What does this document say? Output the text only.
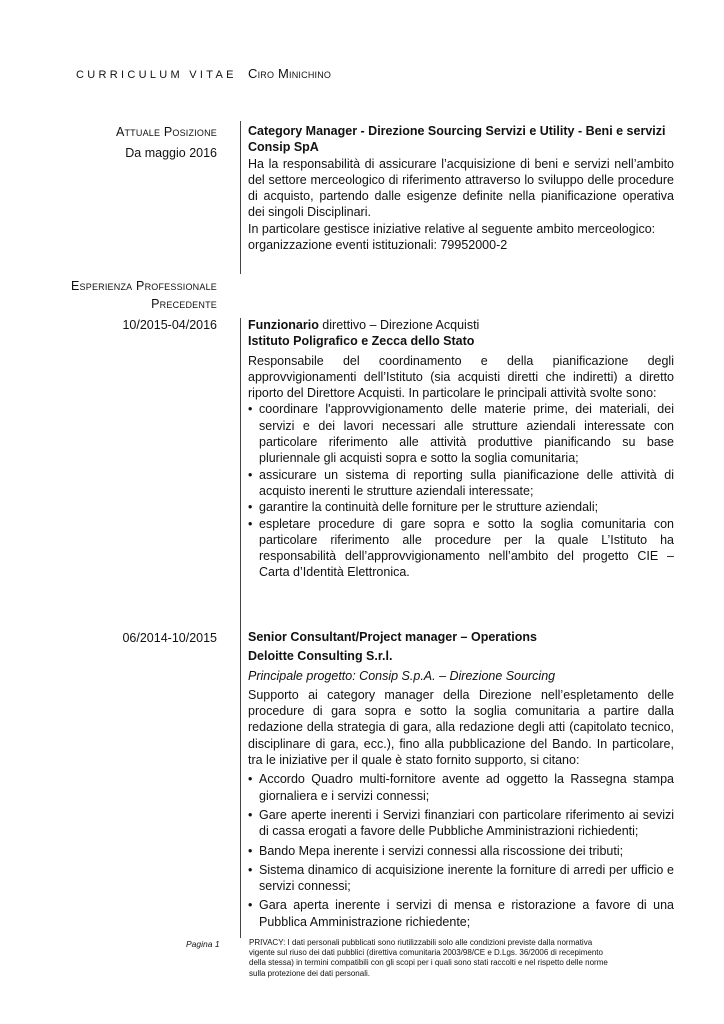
CURRICULUM VITAE Ciro Minichino
Attuale Posizione
Da maggio 2016

Category Manager - Direzione Sourcing Servizi e Utility - Beni e servizi

Consip SpA

Ha la responsabilità di assicurare l’acquisizione di beni e servizi nell’ambito del settore merceologico di riferimento attraverso lo sviluppo delle procedure di acquisto, partendo dalle esigenze definite nella pianificazione operativa dei singoli Disciplinari.

In particolare gestisce iniziative relative al seguente ambito merceologico: organizzazione eventi istituzionali: 79952000-2

Esperienza Professionale
Precedente
10/2015-04/2016 Funzionario direttivo – Direzione Acquisti

Istituto Poligrafico e Zecca dello Stato

Responsabile del coordinamento e della pianificazione degli approvvigionamenti dell’Istituto (sia acquisti diretti che indiretti) a diretto riporto del Direttore Acquisti. In particolare le principali attività svolte sono:

• coordinare l'approvvigionamento delle materie prime, dei materiali, dei servizi e dei lavori necessari alle strutture aziendali interessate con particolare riferimento alle attività produttive pianificando su base pluriennale gli acquisti sopra e sotto la soglia comunitaria;
• assicurare un sistema di reporting sulla pianificazione delle attività di acquisto inerenti le strutture aziendali interessate;
• garantire la continuità delle forniture per le strutture aziendali;
• espletare procedure di gare sopra e sotto la soglia comunitaria con particolare riferimento alle procedure per la quale L’Istituto ha responsabilità dell’approvvigionamento nell’ambito del progetto CIE – Carta d’Identità Elettronica.
06/2014-10/2015 Senior Consultant/Project manager – Operations

Deloitte Consulting S.r.l.

Principale progetto: Consip S.p.A. – Direzione Sourcing

Supporto ai category manager della Direzione nell’espletamento delle procedure di gara sopra e sotto la soglia comunitaria a partire dalla redazione della strategia di gara, alla redazione degli atti (capitolato tecnico, disciplinare di gara, ecc.), fino alla pubblicazione del Bando. In particolare, tra le iniziative per il quale è stato fornito supporto, si citano:

• Accordo Quadro multi-fornitore avente ad oggetto la Rassegna stampa giornaliera e i servizi connessi;
• Gare aperte inerenti i Servizi finanziari con particolare riferimento ai sevizi di cassa erogati a favore delle Pubbliche Amministrazioni richiedenti;
• Bando Mepa inerente i servizi connessi alla riscossione dei tributi;
• Sistema dinamico di acquisizione inerente la forniture di arredi per ufficio e servizi connessi;
• Gara aperta inerente i servizi di mensa e ristorazione a favore di una Pubblica Amministrazione richiedente;
Pagina 1	PRIVACY: I dati personali pubblicati sono riutilizzabili solo alle condizioni previste dalla normativa vigente sul riuso dei dati pubblici (direttiva comunitaria 2003/98/CE e D.Lgs. 36/2006 di recepimento della stessa) in termini compatibili con gli scopi per i quali sono stati raccolti e nel rispetto delle norme sulla protezione dei dati personali.
